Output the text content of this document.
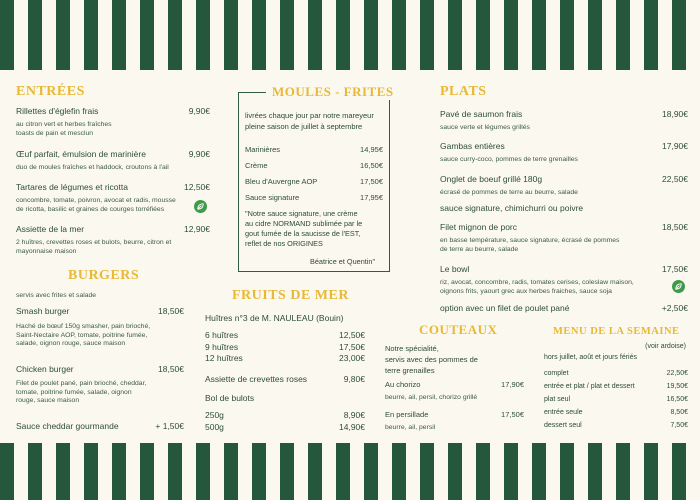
ENTRÉES
Rillettes d'églefin frais	9,90€
au citron vert et herbes fraîches
toasts de pain et mesclun
Œuf parfait, émulsion de marinière	9,90€
duo de moules fraîches et haddock, croutons à l'ail
Tartares de légumes et ricotta	12,50€
concombre, tomate, poivron, avocat et radis, mousse
de ricotta, basilic et graines de courges torréfiées
Assiette de la mer	12,90€
2 huîtres, crevettes roses et bulots, beurre, citron et
mayonnaise maison
BURGERS
servis avec frites et salade
Smash burger	18,50€
Haché de bœuf 150g smasher, pain brioché,
Saint-Nectaire AOP, tomate, poitrine fumée,
salade, oignon rouge, sauce maison
Chicken burger	18,50€
Filet de poulet pané, pain brioché, cheddar,
tomate, poitrine fumée, salade, oignon
rouge, sauce maison
Sauce cheddar gourmande	+ 1,50€
MOULES - FRITES
livrées chaque jour par notre mareyeur
pleine saison de juillet à septembre
Marinières	14,95€
Crème	16,50€
Bleu d'Auvergne AOP	17,50€
Sauce signature	17,95€
"Notre sauce signature, une crème
au cidre NORMAND sublimée par le
gout fumée de la saucisse de l'EST,
reflet de nos ORIGINES
Béatrice et Quentin"
FRUITS DE MER
Huîtres n°3 de M. NAULEAU (Bouin)
6 huîtres	12,50€
9 huîtres	17,50€
12 huîtres	23,00€
Assiette de crevettes roses	9,80€
Bol de bulots
250g	8,90€
500g	14,90€
PLATS
Pavé de saumon frais	18,90€
sauce verte et légumes grillés
Gambas entières	17,90€
sauce curry-coco, pommes de terre grenailles
Onglet de boeuf grillé 180g	22,50€
écrasé de pommes de terre au beurre, salade
sauce signature, chimichurri ou poivre
Filet mignon de porc	18,50€
en basse température, sauce signature, écrasé de pommes
de terre au beurre, salade
Le bowl	17,50€
riz, avocat, concombre, radis, tomates cerises, coleslaw maison,
oignons frits, yaourt grec aux herbes fraiches, sauce soja
option avec un filet de poulet pané	+2,50€
COUTEAUX
Notre spécialité,
servis avec des pommes de
terre grenailles
Au chorizo	17,90€
beurre, ail, persil, chorizo grillé
En persillade	17,50€
beurre, ail, persil
MENU DE LA SEMAINE
(voir ardoise)
hors juillet, août et jours fériés
complet	22,50€
entrée et plat / plat et dessert	19,50€
plat seul	16,50€
entrée seule	8,50€
dessert seul	7,50€
